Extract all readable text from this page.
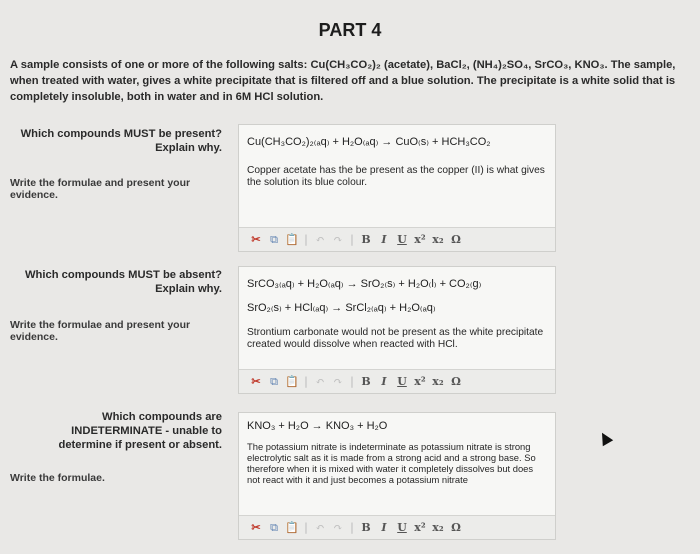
PART 4
A sample consists of one or more of the following salts: Cu(CH₃CO₂)₂ (acetate), BaCl₂, (NH₄)₂SO₄, SrCO₃, KNO₃. The sample, when treated with water, gives a white precipitate that is filtered off and a blue solution. The precipitate is a white solid that is completely insoluble, both in water and in 6M HCl solution.
Which compounds MUST be present?
Explain why.
Write the formulae and present your
evidence.
Cu(CH₃CO₂)₂₍ₐq₎ + H₂O₍ₐq₎ → CuO₍s₎ + HCH₃CO₂
Copper acetate has the be present as the copper (II) is what gives the solution its blue colour.
✂ ⧉ 📋 | ↶ ↷ | B I U x² x₂ Ω
Which compounds MUST be absent?
Explain why.
Write the formulae and present your
evidence.
SrCO₃₍ₐq₎ + H₂O₍ₐq₎ → SrO₂₍s₎ + H₂O₍l₎ + CO₂₍g₎
SrO₂₍s₎ + HCl₍ₐq₎ → SrCl₂₍ₐq₎ + H₂O₍ₐq₎
Strontium carbonate would not be present as the white precipitate created would dissolve when reacted with HCl.
✂ ⧉ 📋 | ↶ ↷ | B I U x² x₂ Ω
Which compounds are
INDETERMINATE - unable to
determine if present or absent.
Write the formulae.
KNO₃ + H₂O → KNO₃ + H₂O
The potassium nitrate is indeterminate as potassium nitrate is strong electrolytic salt as it is made from a strong acid and a strong base. So therefore when it is mixed with water it completely dissolves but does not react with it and just becomes a potassium nitrate
✂ ⧉ 📋 | ↶ ↷ | B I U x² x₂ Ω
